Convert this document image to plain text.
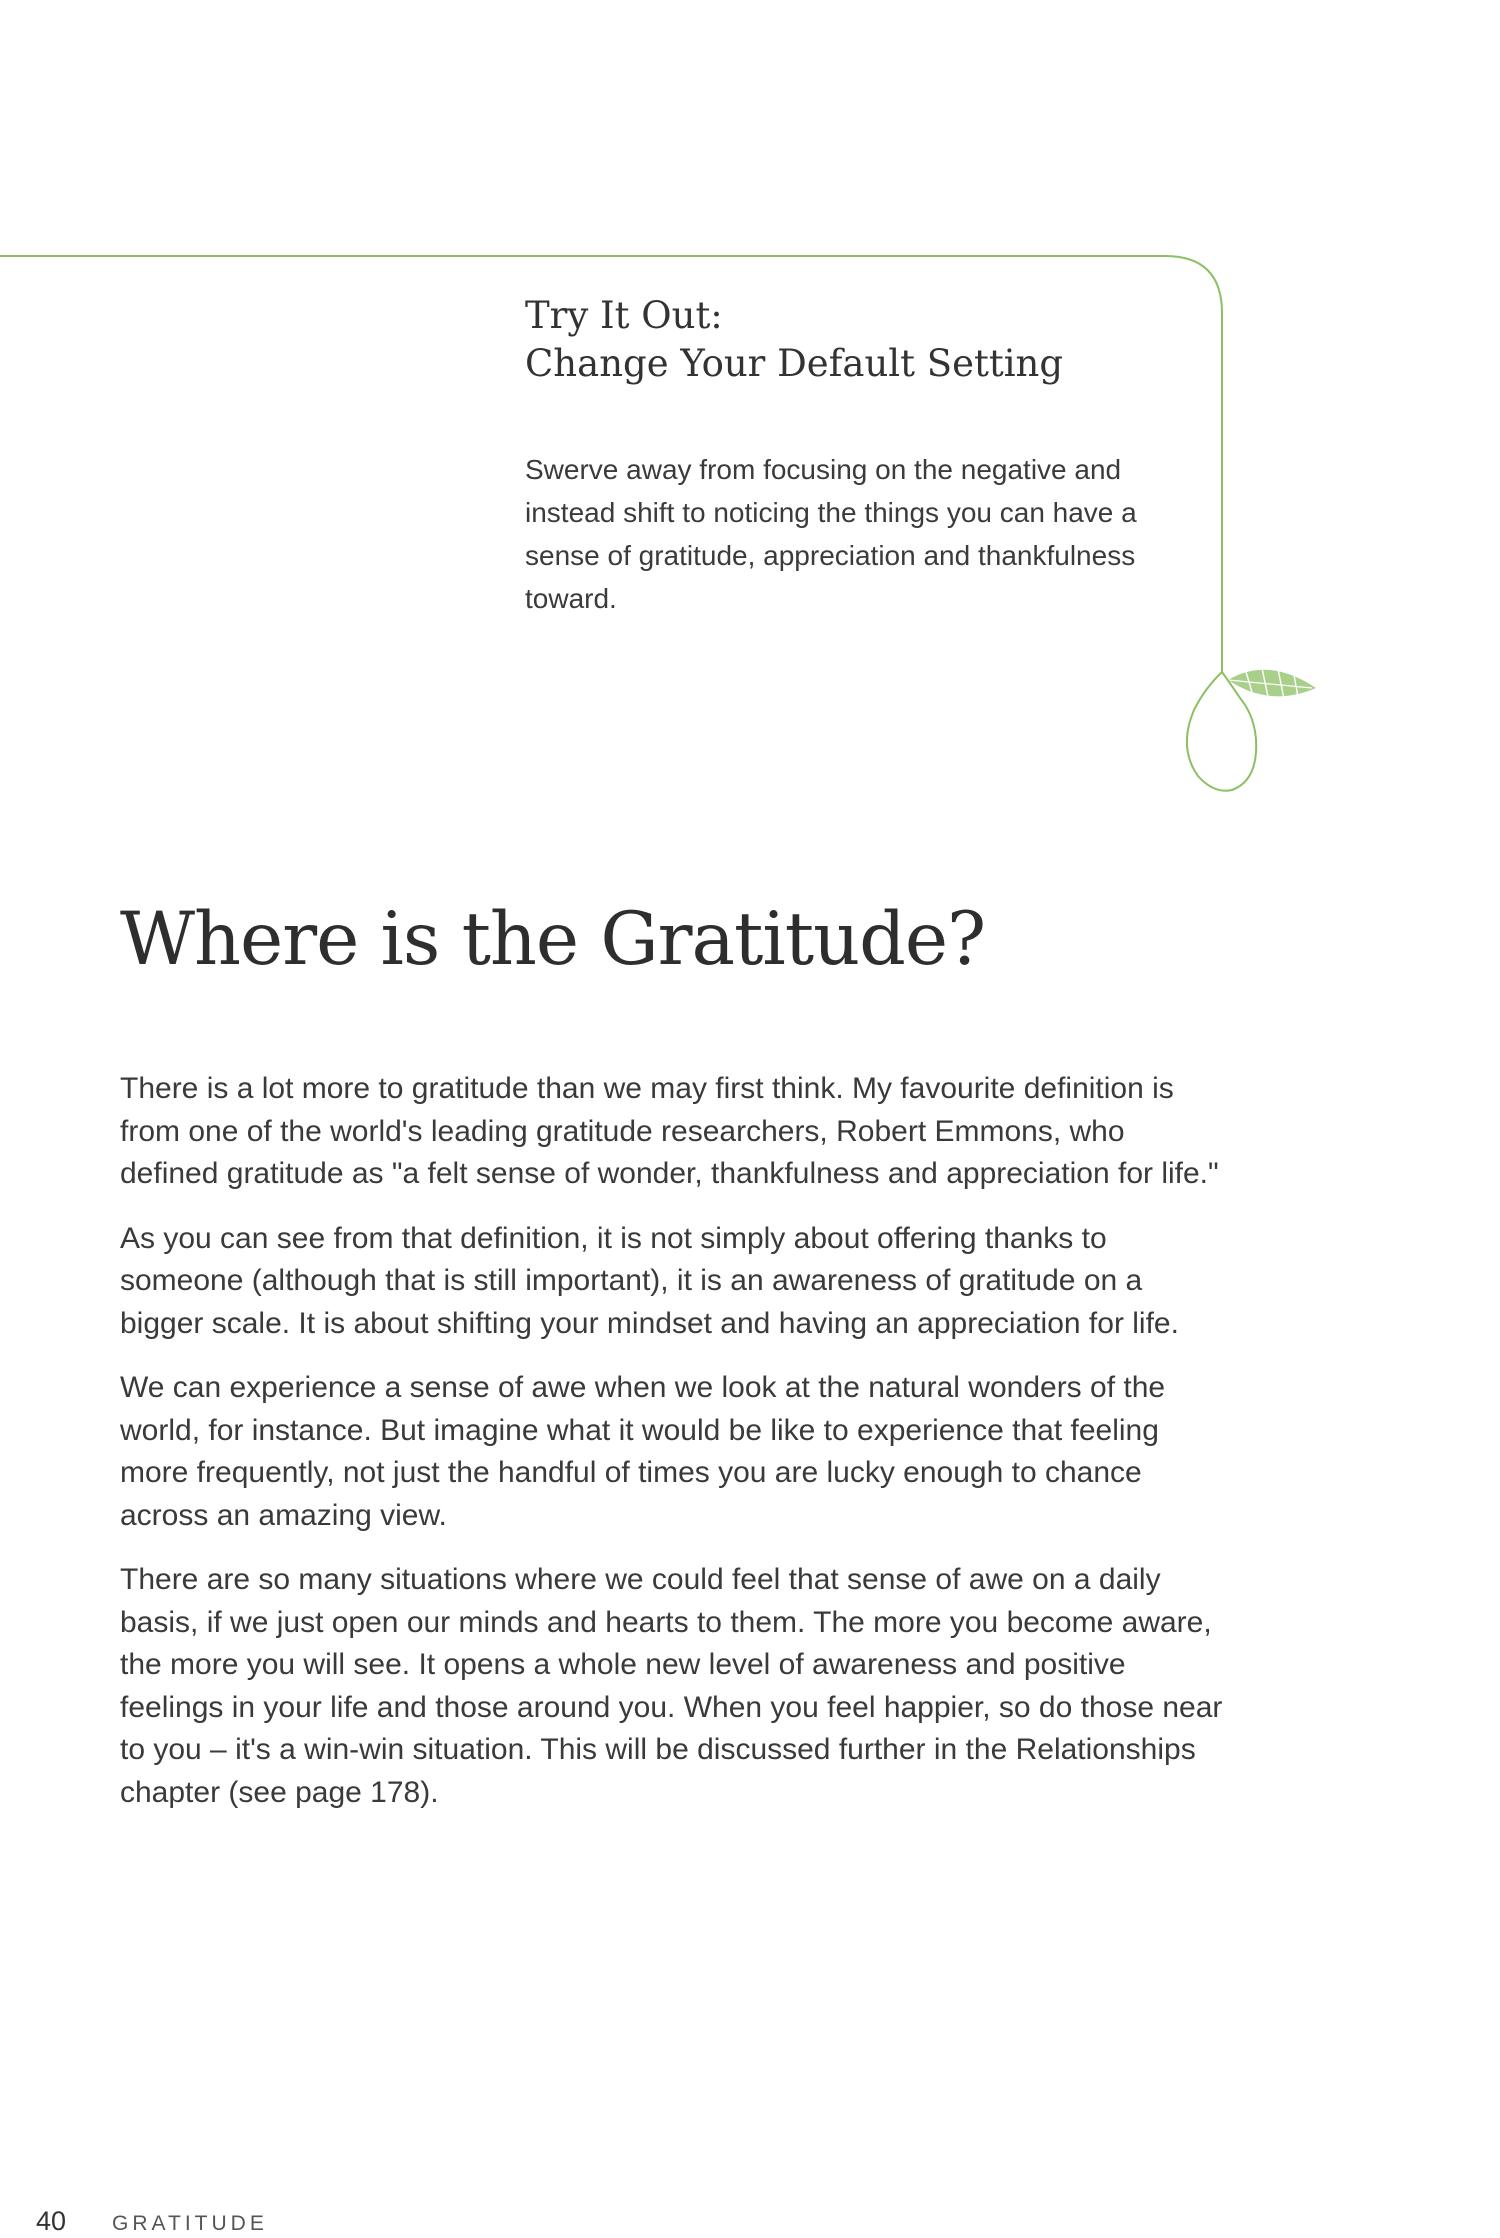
Try It Out:
Change Your Default Setting

Swerve away from focusing on the negative and instead shift to noticing the things you can have a sense of gratitude, appreciation and thankfulness toward.

Where is the Gratitude?

There is a lot more to gratitude than we may first think. My favourite definition is from one of the world's leading gratitude researchers, Robert Emmons, who defined gratitude as "a felt sense of wonder, thankfulness and appreciation for life."

As you can see from that definition, it is not simply about offering thanks to someone (although that is still important), it is an awareness of gratitude on a bigger scale. It is about shifting your mindset and having an appreciation for life.

We can experience a sense of awe when we look at the natural wonders of the world, for instance. But imagine what it would be like to experience that feeling more frequently, not just the handful of times you are lucky enough to chance across an amazing view.

There are so many situations where we could feel that sense of awe on a daily basis, if we just open our minds and hearts to them. The more you become aware, the more you will see. It opens a whole new level of awareness and positive feelings in your life and those around you. When you feel happier, so do those near to you – it's a win-win situation. This will be discussed further in the Relationships chapter (see page 178).

40 GRATITUDE
